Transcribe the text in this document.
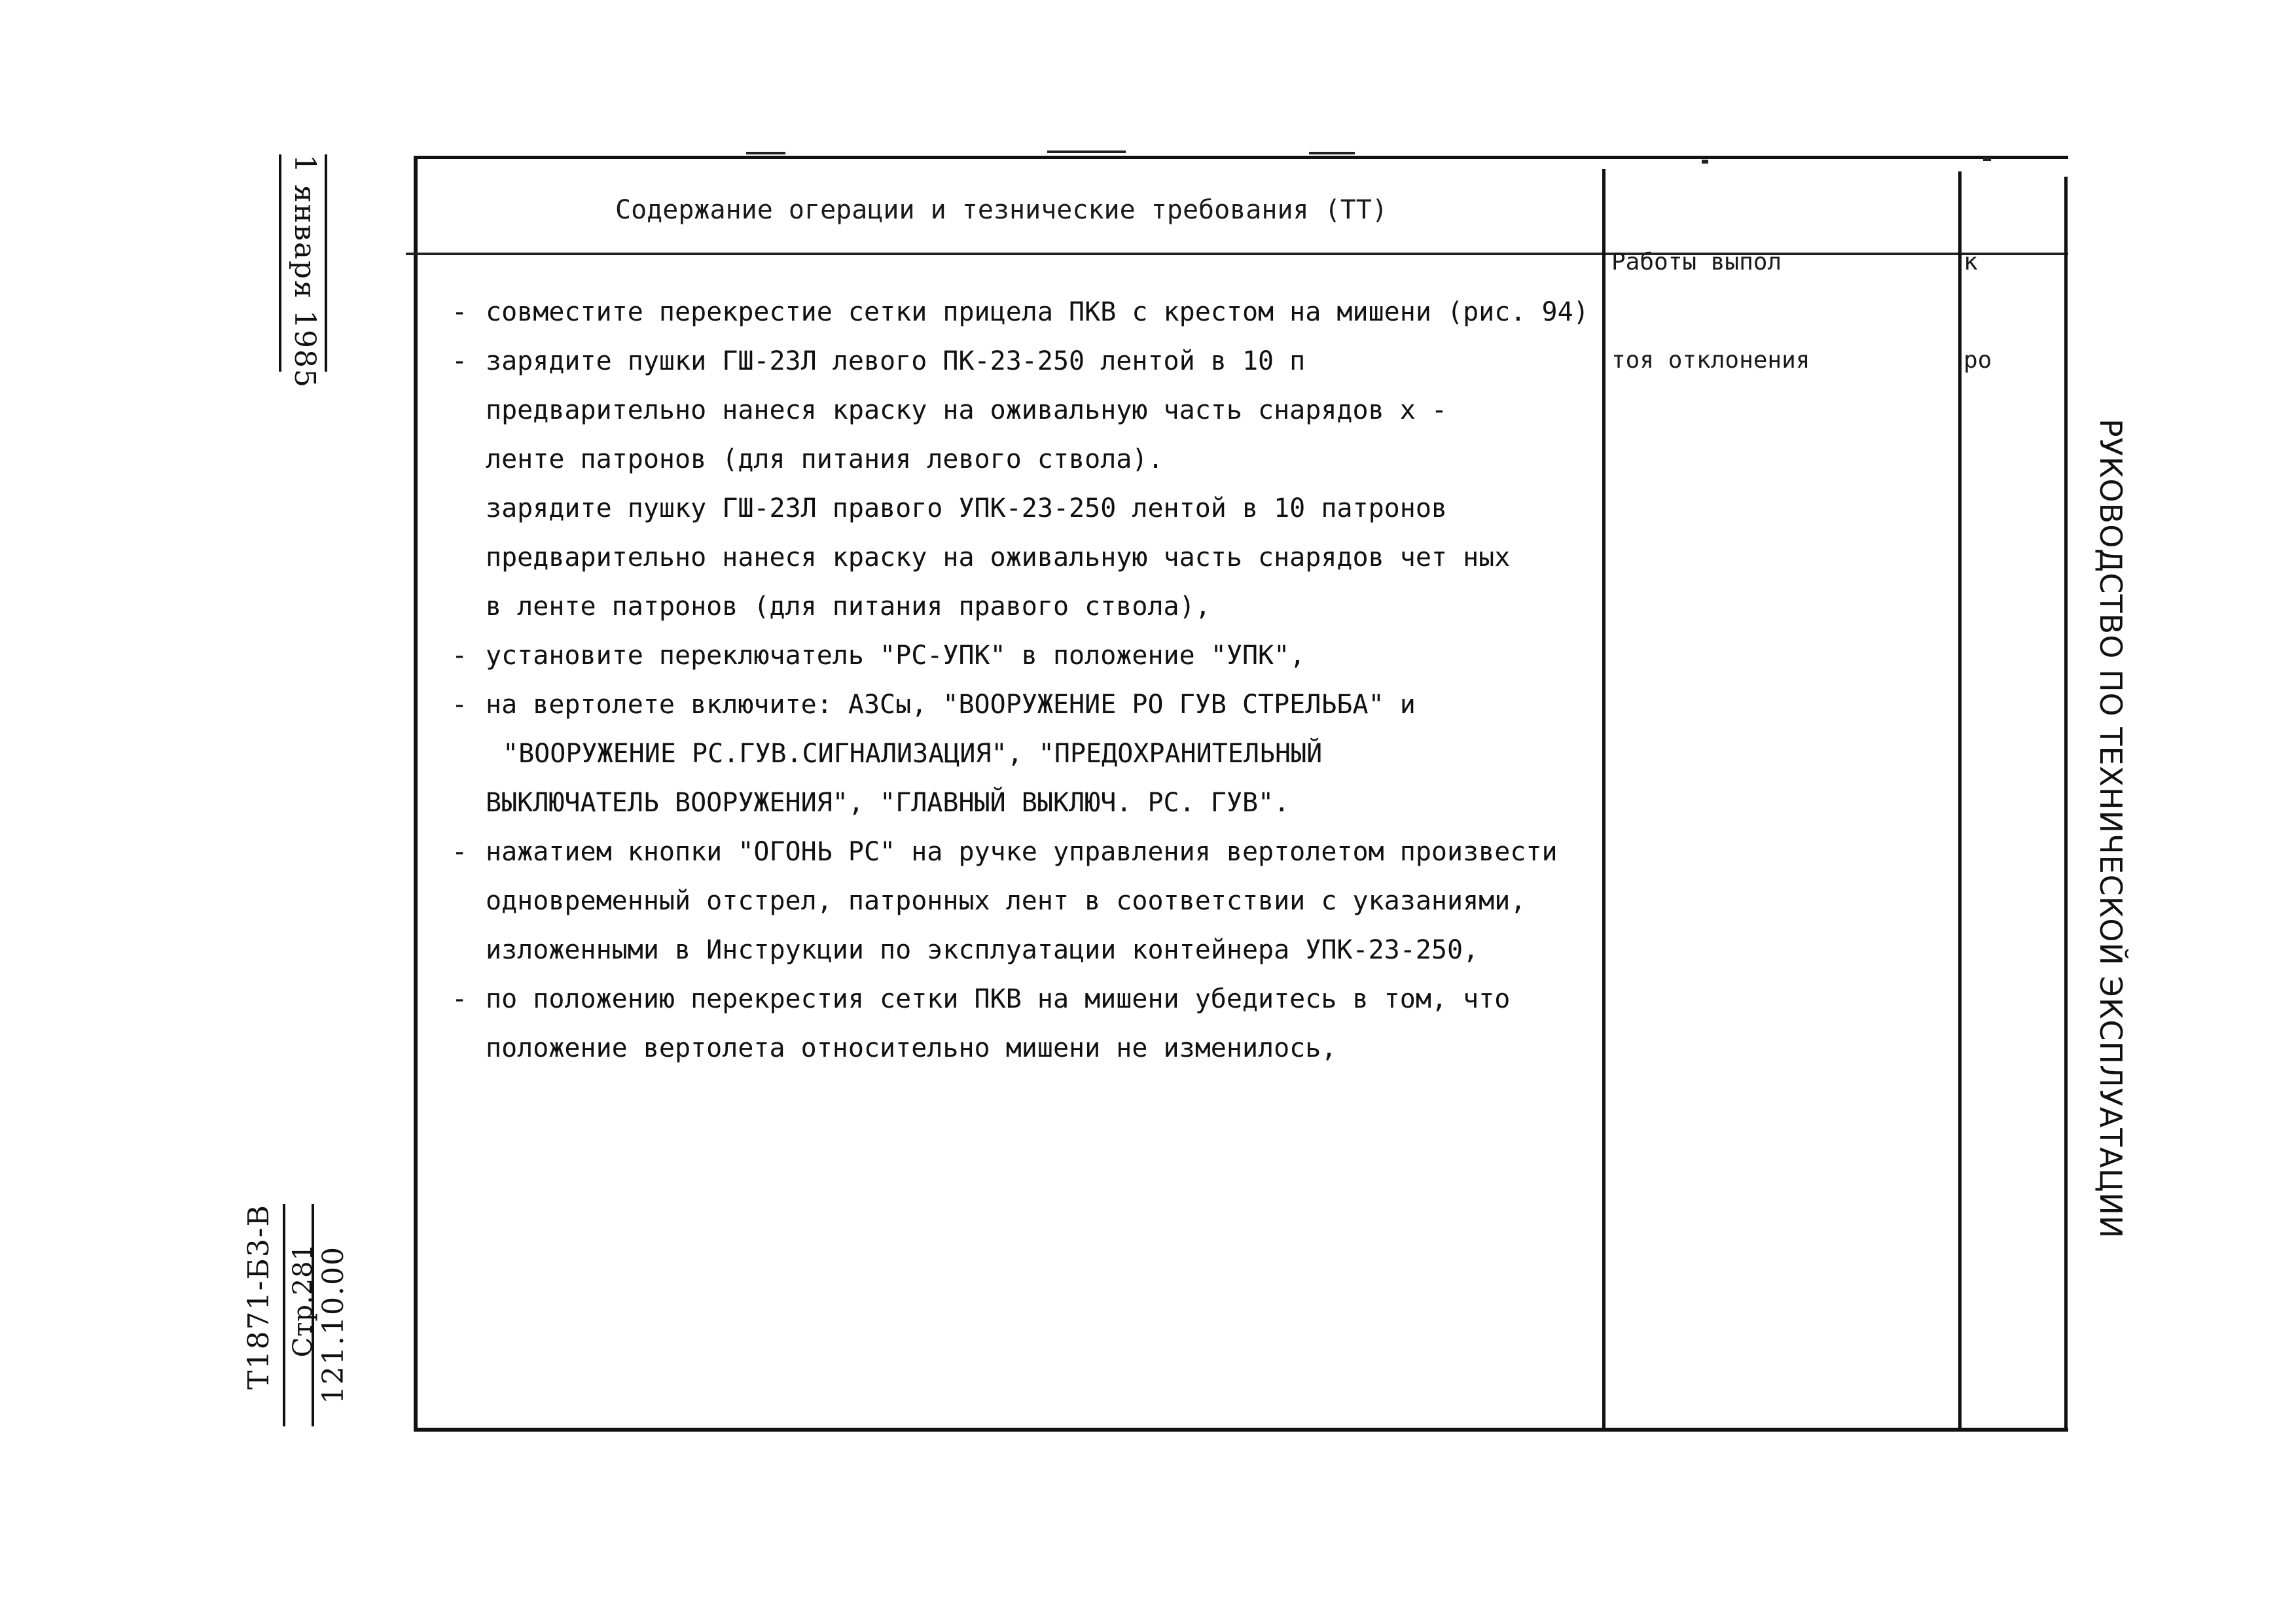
Содержание огерации и тезнические требования (ТТ)

Работы выпол

тоя отклонения

к

ро

- совместите перекрестие сетки прицела ПКВ с крестом на мишени (рис. 94)
- зарядите пушки ГШ-23Л левого ПК-23-250 лентой в 10 п
предварительно нанеся краску на оживальную часть снарядов х -
ленте патронов (для питания левого ствола).
зарядите пушку ГШ-23Л правого УПК-23-250 лентой в 10 патронов
предварительно нанеся краску на оживальную часть снарядов чет ных
в ленте патронов (для питания правого ствола),
- установите переключатель "РС-УПК" в положение "УПК",
- на вертолете включите: АЗСы, "ВООРУЖЕНИЕ РО ГУВ СТРЕЛЬБА" и
"ВООРУЖЕНИЕ РС.ГУВ.СИГНАЛИЗАЦИЯ", "ПРЕДОХРАНИТЕЛЬНЫЙ
ВЫКЛЮЧАТЕЛЬ ВООРУЖЕНИЯ", "ГЛАВНЫЙ ВЫКЛЮЧ. РС. ГУВ".
- нажатием кнопки "ОГОНЬ РС" на ручке управления вертолетом произвести
одновременный отстрел, патронных лент в соответствии с указаниями,
изложенными в Инструкции по эксплуатации контейнера УПК-23-250,
- по положению перекрестия сетки ПКВ на мишени убедитесь в том, что
положение вертолета относительно мишени не изменилось,
1 января 1985
121.10.00
Стр.281
Т1871-Б3-В
РУКОВОДСТВО ПО ТЕХНИЧЕСКОЙ ЭКСПЛУАТАЦИИ
